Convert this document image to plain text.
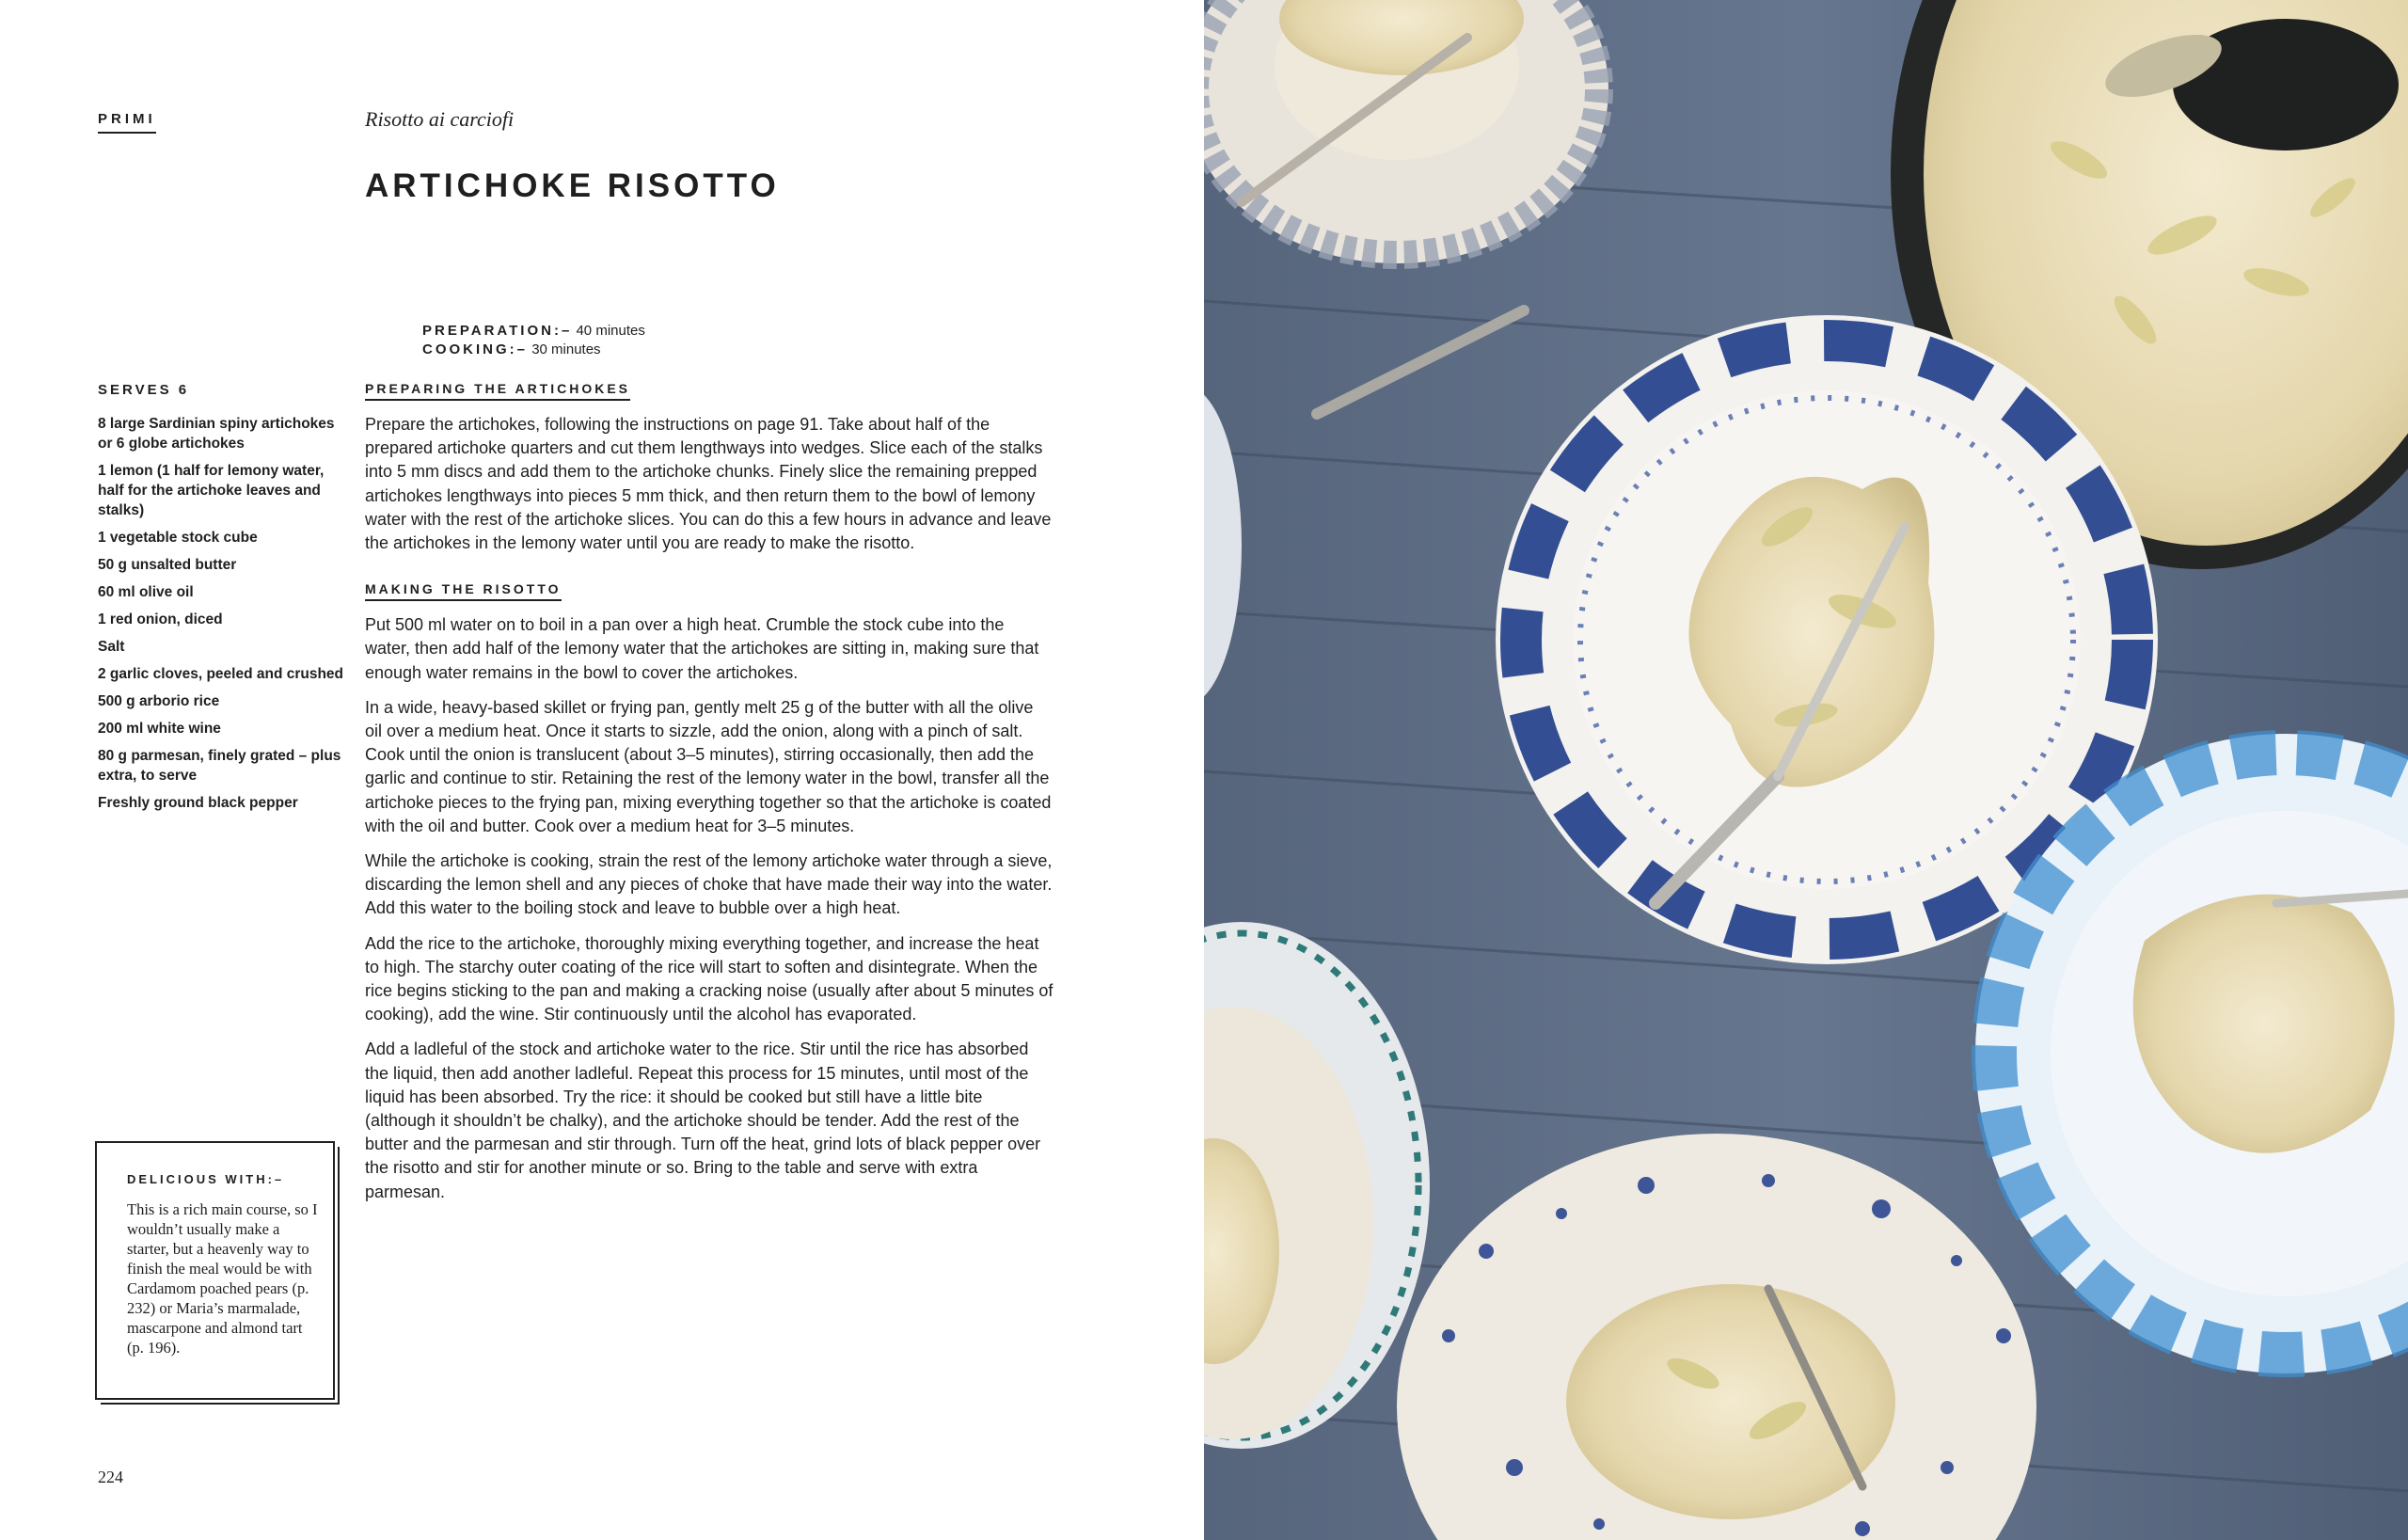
PRIMI	Risotto ai carciofi
ARTICHOKE RISOTTO
PREPARATION:– 40 minutes
COOKING:– 30 minutes
SERVES 6
8 large Sardinian spiny artichokes or 6 globe artichokes
1 lemon (1 half for lemony water, half for the artichoke leaves and stalks)
1 vegetable stock cube
50 g unsalted butter
60 ml olive oil
1 red onion, diced
Salt
2 garlic cloves, peeled and crushed
500 g arborio rice
200 ml white wine
80 g parmesan, finely grated – plus extra, to serve
Freshly ground black pepper
PREPARING THE ARTICHOKES

Prepare the artichokes, following the instructions on page 91. Take about half of the prepared artichoke quarters and cut them lengthways into wedges. Slice each of the stalks into 5 mm discs and add them to the artichoke chunks. Finely slice the remaining prepped artichokes lengthways into pieces 5 mm thick, and then return them to the bowl of lemony water with the rest of the artichoke slices. You can do this a few hours in advance and leave the artichokes in the lemony water until you are ready to make the risotto.

MAKING THE RISOTTO

Put 500 ml water on to boil in a pan over a high heat. Crumble the stock cube into the water, then add half of the lemony water that the artichokes are sitting in, making sure that enough water remains in the bowl to cover the artichokes.

In a wide, heavy-based skillet or frying pan, gently melt 25 g of the butter with all the olive oil over a medium heat. Once it starts to sizzle, add the onion, along with a pinch of salt. Cook until the onion is translucent (about 3–5 minutes), stirring occasionally, then add the garlic and continue to stir. Retaining the rest of the lemony water in the bowl, transfer all the artichoke pieces to the frying pan, mixing everything together so that the artichoke is coated with the oil and butter. Cook over a medium heat for 3–5 minutes.

While the artichoke is cooking, strain the rest of the lemony artichoke water through a sieve, discarding the lemon shell and any pieces of choke that have made their way into the water. Add this water to the boiling stock and leave to bubble over a high heat.

Add the rice to the artichoke, thoroughly mixing everything together, and increase the heat to high. The starchy outer coating of the rice will start to soften and disintegrate. When the rice begins sticking to the pan and making a cracking noise (usually after about 5 minutes of cooking), add the wine. Stir continuously until the alcohol has evaporated.

Add a ladleful of the stock and artichoke water to the rice. Stir until the rice has absorbed the liquid, then add another ladleful. Repeat this process for 15 minutes, until most of the liquid has been absorbed. Try the rice: it should be cooked but still have a little bite (although it shouldn’t be chalky), and the artichoke should be tender. Add the rest of the butter and the parmesan and stir through. Turn off the heat, grind lots of black pepper over the risotto and stir for another minute or so. Bring to the table and serve with extra parmesan.

DELICIOUS WITH:–
This is a rich main course, so I wouldn’t usually make a starter, but a heavenly way to finish the meal would be with Cardamom poached pears (p. 232) or Maria’s marmalade, mascarpone and almond tart (p. 196).
224
